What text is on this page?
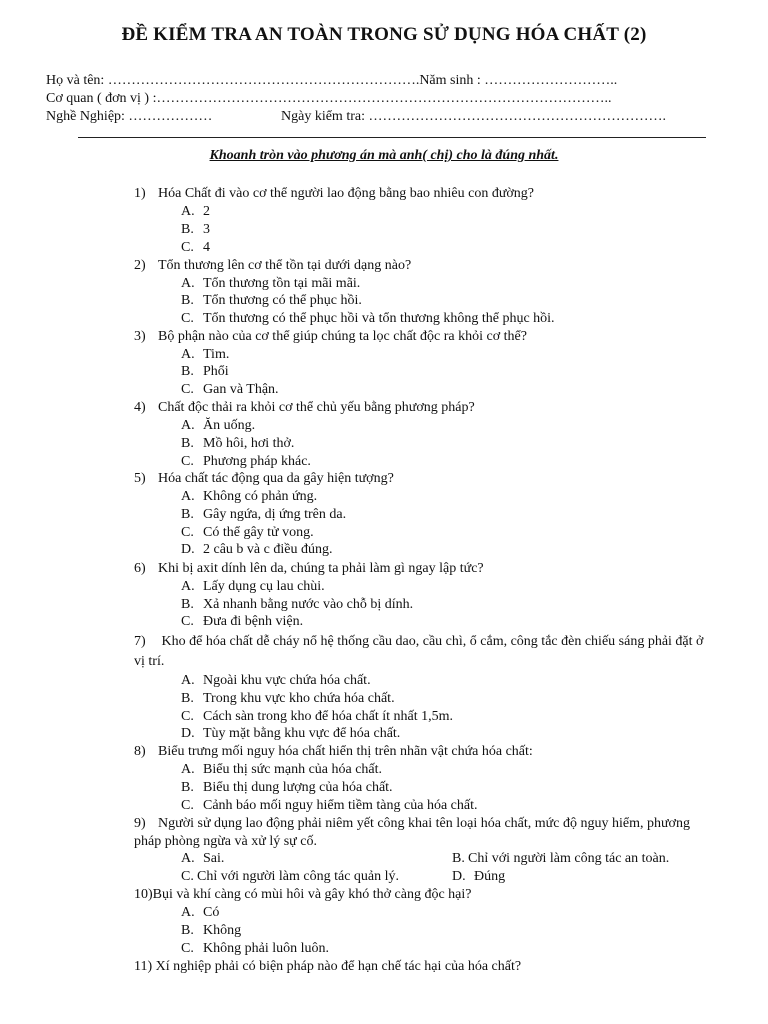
ĐỀ KIỂM TRA AN TOÀN TRONG SỬ DỤNG HÓA CHẤT (2)
Họ và tên: ………………………………………………………….Năm sinh : ………………………..
Cơ quan ( đơn vị ) :……………………………………………………………………………………..
Nghề Nghiệp: ………………	Ngày kiểm tra: ……………………………………………………….
Khoanh tròn vào phương án mà anh( chị) cho là đúng nhất.
1) Hóa Chất đi vào cơ thể người lao động bằng bao nhiêu con đường?
A. 2
B. 3
C. 4
2) Tổn thương lên cơ thể tồn tại dưới dạng nào?
A. Tổn thương tồn tại mãi mãi.
B. Tổn thương có thể phục hồi.
C. Tổn thương có thể phục hồi và tổn thương không thể phục hồi.
3) Bộ phận nào của cơ thể giúp chúng ta lọc chất độc ra khỏi cơ thể?
A. Tim.
B. Phổi
C. Gan và Thận.
4) Chất độc thải ra khỏi cơ thể chủ yếu bằng phương pháp?
A. Ăn uống.
B. Mồ hôi, hơi thở.
C. Phương pháp khác.
5) Hóa chất tác động qua da gây hiện tượng?
A. Không có phản ứng.
B. Gây ngứa, dị ứng trên da.
C. Có thể gây tử vong.
D. 2 câu b và c điều đúng.
6) Khi bị axit dính lên da, chúng ta phải làm gì ngay lập tức?
A. Lấy dụng cụ lau chùi.
B. Xả nhanh bằng nước vào chỗ bị dính.
C. Đưa đi bệnh viện.
7) Kho để hóa chất dễ cháy nổ hệ thống cầu dao, cầu chì, ổ cắm, công tắc đèn chiếu sáng phải đặt ở vị trí.
A. Ngoài khu vực chứa hóa chất.
B. Trong khu vực kho chứa hóa chất.
C. Cách sàn trong kho để hóa chất ít nhất 1,5m.
D. Tùy mặt bằng khu vực để hóa chất.
8) Biểu trưng mối nguy hóa chất hiển thị trên nhãn vật chứa hóa chất:
A. Biểu thị sức mạnh của hóa chất.
B. Biểu thị dung lượng của hóa chất.
C. Cảnh báo mối nguy hiểm tiềm tàng của hóa chất.
9) Người sử dụng lao động phải niêm yết công khai tên loại hóa chất, mức độ nguy hiểm, phương pháp phòng ngừa và xử lý sự cố.
A. Sai.	B. Chỉ với người làm công tác an toàn.
C. Chỉ với người làm công tác quản lý.	D. Đúng
10)Bụi và khí càng có mùi hôi và gây khó thở càng độc hại?
A. Có
B. Không
C. Không phải luôn luôn.
11) Xí nghiệp phải có biện pháp nào để hạn chế tác hại của hóa chất?
